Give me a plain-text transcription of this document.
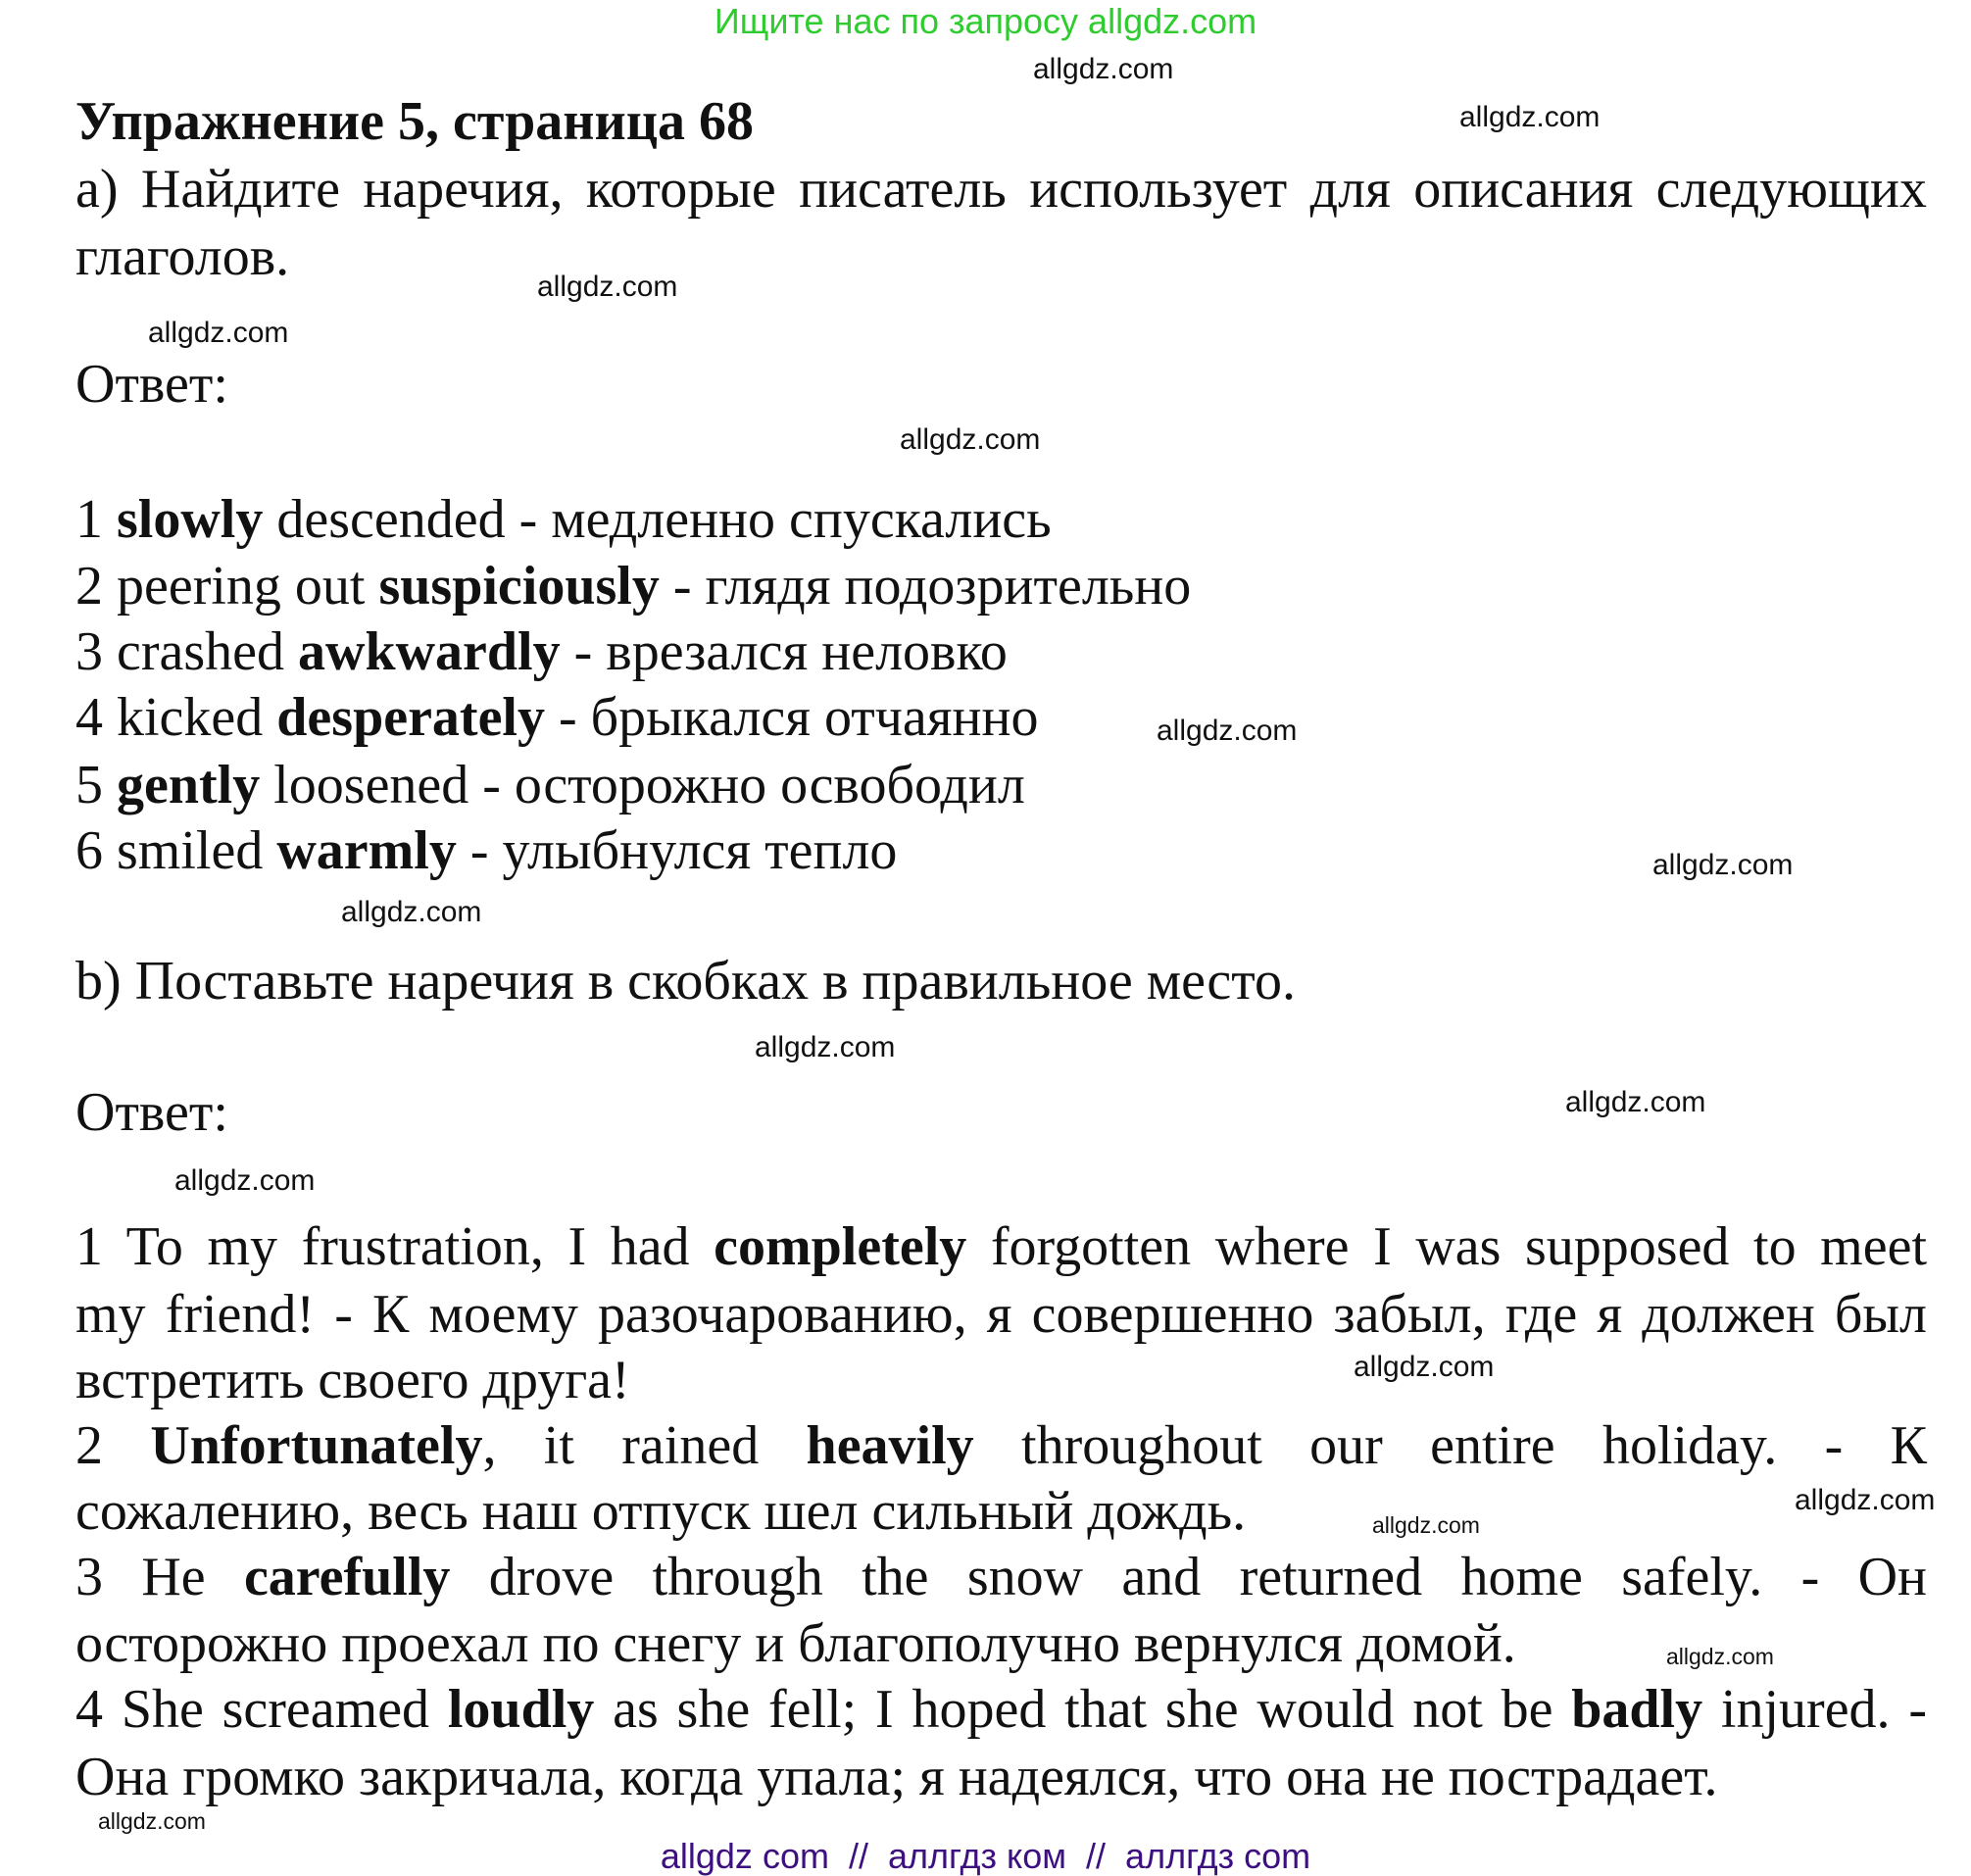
Ищите нас по запросу allgdz.com
Упражнение 5, страница 68
а) Найдите наречия, которые писатель использует для описания следующих
глаголов.
Ответ:
1 slowly descended - медленно спускались
2 peering out suspiciously - глядя подозрительно
3 crashed awkwardly - врезался неловко
4 kicked desperately - брыкался отчаянно
5 gently loosened - осторожно освободил
6 smiled warmly - улыбнулся тепло
b) Поставьте наречия в скобках в правильное место.
Ответ:
1 To my frustration, I had completely forgotten where I was supposed to meet
my friend! - К моему разочарованию, я совершенно забыл, где я должен был
встретить своего друга!
2 Unfortunately, it rained heavily throughout our entire holiday. - К
сожалению, весь наш отпуск шел сильный дождь.
3 He carefully drove through the snow and returned home safely. - Он
осторожно проехал по снегу и благополучно вернулся домой.
4 She screamed loudly as she fell; I hoped that she would not be badly injured. -
Она громко закричала, когда упала; я надеялся, что она не пострадает.
allgdz.com
allgdz.com
allgdz.com
allgdz.com
allgdz.com
allgdz.com
allgdz.com
allgdz.com
allgdz.com
allgdz.com
allgdz.com
allgdz.com
allgdz.com
allgdz.com
allgdz.com
allgdz.com
allgdz com // аллгдз ком // аллгдз com
